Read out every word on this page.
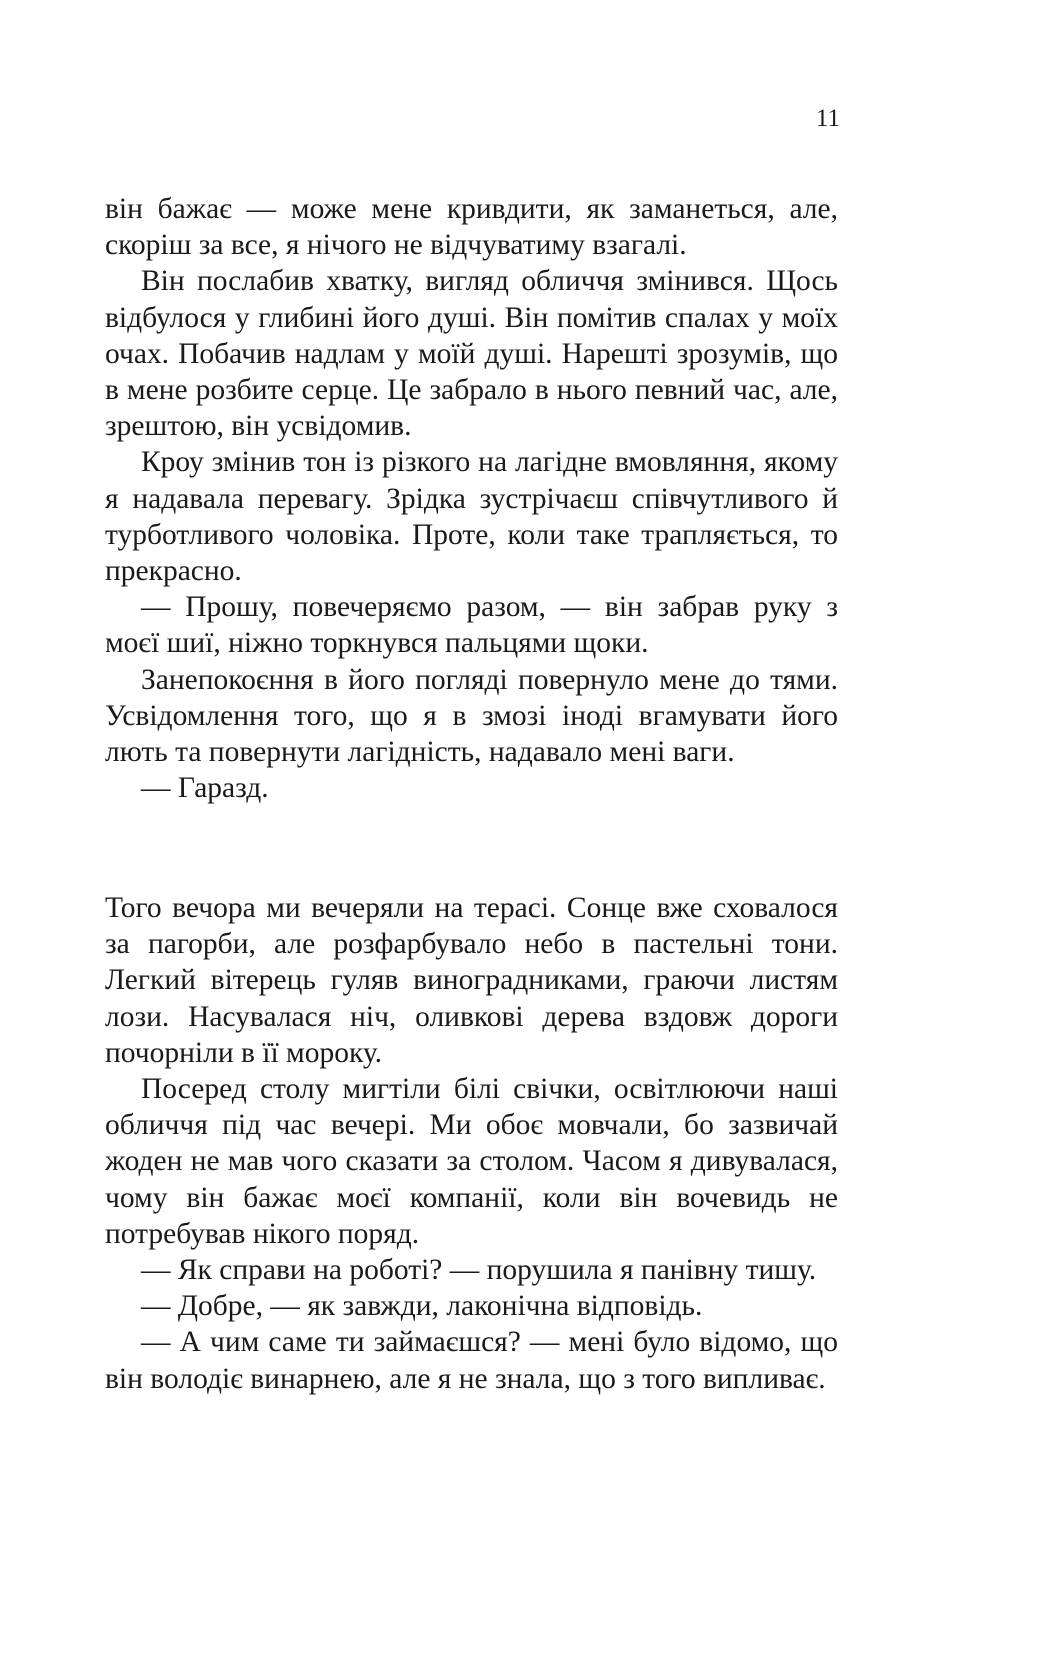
11

він бажає — може мене кривдити, як заманеться, але, скоріш за все, я нічого не відчуватиму взагалі.

Він послабив хватку, вигляд обличчя змінився. Щось відбулося у глибині його душі. Він помітив спалах у моїх очах. Побачив надлам у моїй душі. Нарешті зрозумів, що в мене розбите серце. Це забрало в нього певний час, але, зрештою, він усвідомив.

Кроу змінив тон із різкого на лагідне вмовляння, якому я надавала перевагу. Зрідка зустрічаєш співчутливого й турботливого чоловіка. Проте, коли таке трапляється, то прекрасно.

— Прошу, повечеряємо разом, — він забрав руку з моєї шиї, ніжно торкнувся пальцями щоки.

Занепокоєння в його погляді повернуло мене до тями. Усвідомлення того, що я в змозі іноді вгамувати його лють та повернути лагідність, надавало мені ваги.

— Гаразд.

Того вечора ми вечеряли на терасі. Сонце вже сховалося за пагорби, але розфарбувало небо в пастельні тони. Легкий вітерець гуляв виноградниками, граючи листям лози. Насувалася ніч, оливкові дерева вздовж дороги почорніли в її мороку.

Посеред столу мигтіли білі свічки, освітлюючи наші обличчя під час вечері. Ми обоє мовчали, бо зазвичай жоден не мав чого сказати за столом. Часом я дивувалася, чому він бажає моєї компанії, коли він вочевидь не потребував нікого поряд.

— Як справи на роботі? — порушила я панівну тишу.

— Добре, — як завжди, лаконічна відповідь.

— А чим саме ти займаєшся? — мені було відомо, що він володіє винарнею, але я не знала, що з того випливає.
